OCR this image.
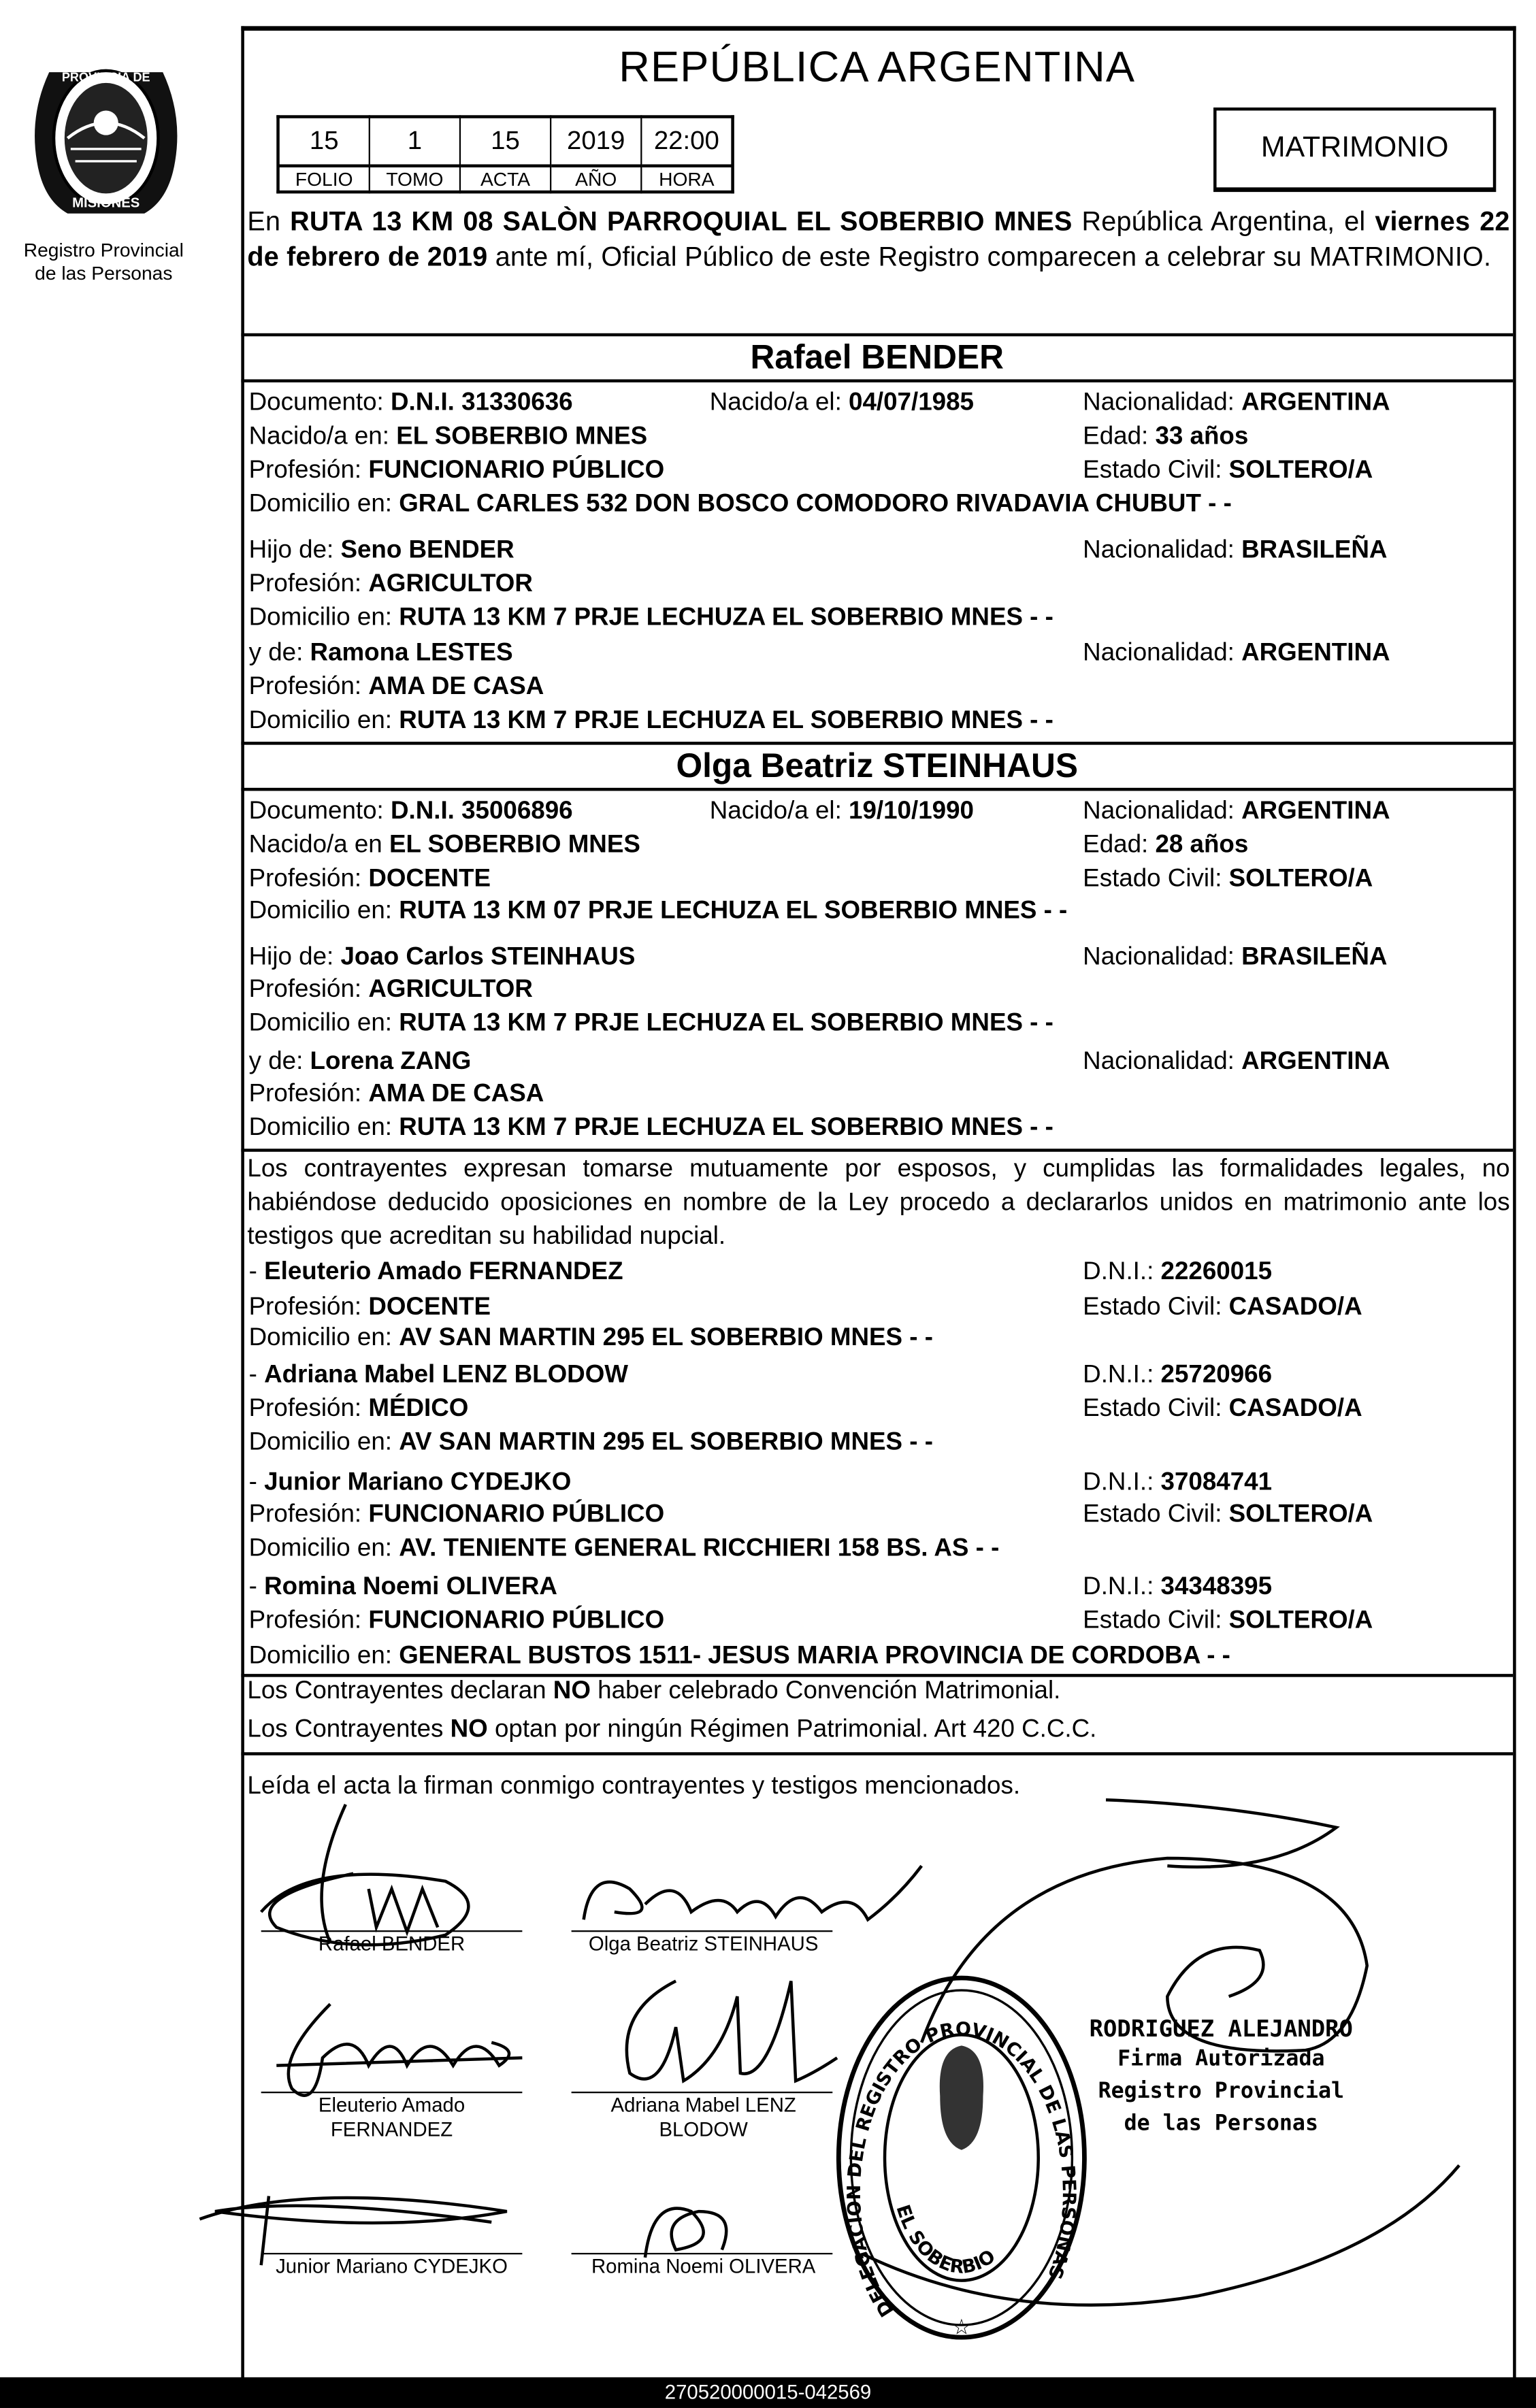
PROVINCIA DE
MISIONES
Registro Provincial
de las Personas
REPÚBLICA ARGENTINA
15	1	15	2019	22:00
FOLIO	TOMO	ACTA	AÑO	HORA
MATRIMONIO
En RUTA 13 KM 08 SALÒN PARROQUIAL EL SOBERBIO MNES República Argentina, el viernes 22 de febrero de 2019 ante mí, Oficial Público de este Registro comparecen a celebrar su MATRIMONIO.
Rafael BENDER
Documento: D.N.I. 31330636	Nacido/a el: 04/07/1985	Nacionalidad: ARGENTINA
Nacido/a en: EL SOBERBIO MNES	Edad: 33 años
Profesión: FUNCIONARIO PÚBLICO	Estado Civil: SOLTERO/A
Domicilio en: GRAL CARLES 532 DON BOSCO COMODORO RIVADAVIA CHUBUT - -
Hijo de: Seno BENDER	Nacionalidad: BRASILEÑA
Profesión: AGRICULTOR
Domicilio en: RUTA 13 KM 7 PRJE LECHUZA EL SOBERBIO MNES - -
y de: Ramona LESTES	Nacionalidad: ARGENTINA
Profesión: AMA DE CASA
Domicilio en: RUTA 13 KM 7 PRJE LECHUZA EL SOBERBIO MNES - -
Olga Beatriz STEINHAUS
Documento: D.N.I. 35006896	Nacido/a el: 19/10/1990	Nacionalidad: ARGENTINA
Nacido/a en EL SOBERBIO MNES	Edad: 28 años
Profesión: DOCENTE	Estado Civil: SOLTERO/A
Domicilio en: RUTA 13 KM 07 PRJE LECHUZA EL SOBERBIO MNES - -
Hijo de: Joao Carlos STEINHAUS	Nacionalidad: BRASILEÑA
Profesión: AGRICULTOR
Domicilio en: RUTA 13 KM 7 PRJE LECHUZA EL SOBERBIO MNES - -
y de: Lorena ZANG	Nacionalidad: ARGENTINA
Profesión: AMA DE CASA
Domicilio en: RUTA 13 KM 7 PRJE LECHUZA EL SOBERBIO MNES - -
Los contrayentes expresan tomarse mutuamente por esposos, y cumplidas las formalidades legales, no habiéndose deducido oposiciones en nombre de la Ley procedo a declararlos unidos en matrimonio ante los testigos que acreditan su habilidad nupcial.
- Eleuterio Amado FERNANDEZ	D.N.I.: 22260015
Profesión: DOCENTE	Estado Civil: CASADO/A
Domicilio en: AV SAN MARTIN 295 EL SOBERBIO MNES - -
- Adriana Mabel LENZ BLODOW	D.N.I.: 25720966
Profesión: MÉDICO	Estado Civil: CASADO/A
Domicilio en: AV SAN MARTIN 295 EL SOBERBIO MNES - -
- Junior Mariano CYDEJKO	D.N.I.: 37084741
Profesión: FUNCIONARIO PÚBLICO	Estado Civil: SOLTERO/A
Domicilio en: AV. TENIENTE GENERAL RICCHIERI 158 BS. AS - -
- Romina Noemi OLIVERA	D.N.I.: 34348395
Profesión: FUNCIONARIO PÚBLICO	Estado Civil: SOLTERO/A
Domicilio en: GENERAL BUSTOS 1511- JESUS MARIA PROVINCIA DE CORDOBA - -
Los Contrayentes declaran NO haber celebrado Convención Matrimonial.
Los Contrayentes NO optan por ningún Régimen Patrimonial. Art 420 C.C.C.
Leída el acta la firman conmigo contrayentes y testigos mencionados.
Rafael BENDER	Olga Beatriz STEINHAUS
Eleuterio Amado
FERNANDEZ
Adriana Mabel LENZ
BLODOW
Junior Mariano CYDEJKO	Romina Noemi OLIVERA
RODRIGUEZ ALEJANDRO
Firma Autorizada
Registro Provincial
de las Personas
DELEGACION DEL REGISTRO PROVINCIAL DE LAS PERSONAS
EL SOBERBIO
☆
270520000015-042569
